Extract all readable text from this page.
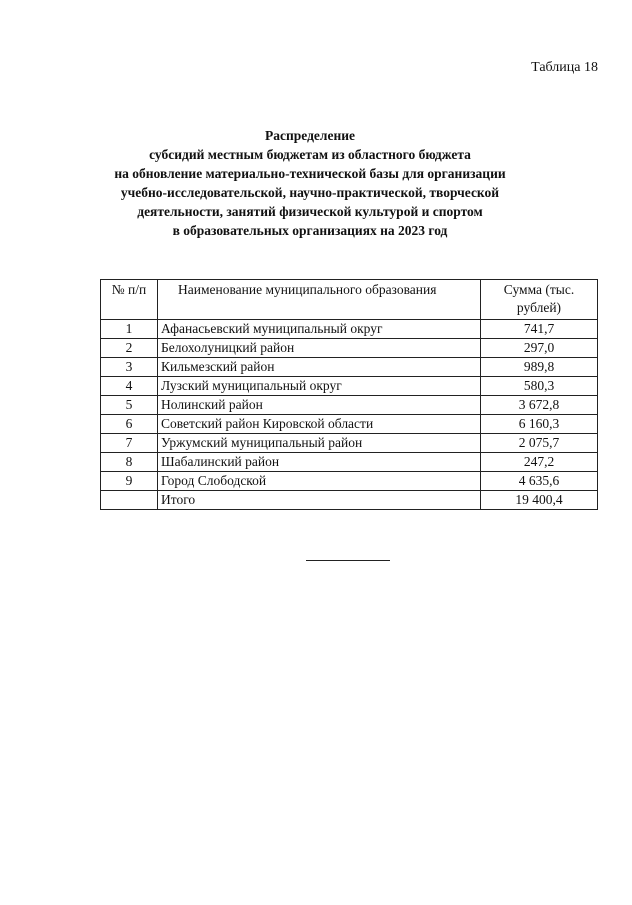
Таблица 18
Распределение
субсидий местным бюджетам из областного бюджета
на обновление материально-технической базы для организации
учебно-исследовательской, научно-практической, творческой
деятельности, занятий физической культурой и спортом
в образовательных организациях на 2023 год
№ п/п	Наименование муниципального образования	Сумма (тыс. рублей)
1	Афанасьевский муниципальный округ	741,7
2	Белохолуницкий район	297,0
3	Кильмезский район	989,8
4	Лузский муниципальный округ	580,3
5	Нолинский район	3 672,8
6	Советский район Кировской области	6 160,3
7	Уржумский муниципальный район	2 075,7
8	Шабалинский район	247,2
9	Город Слободской	4 635,6
	Итого	19 400,4
